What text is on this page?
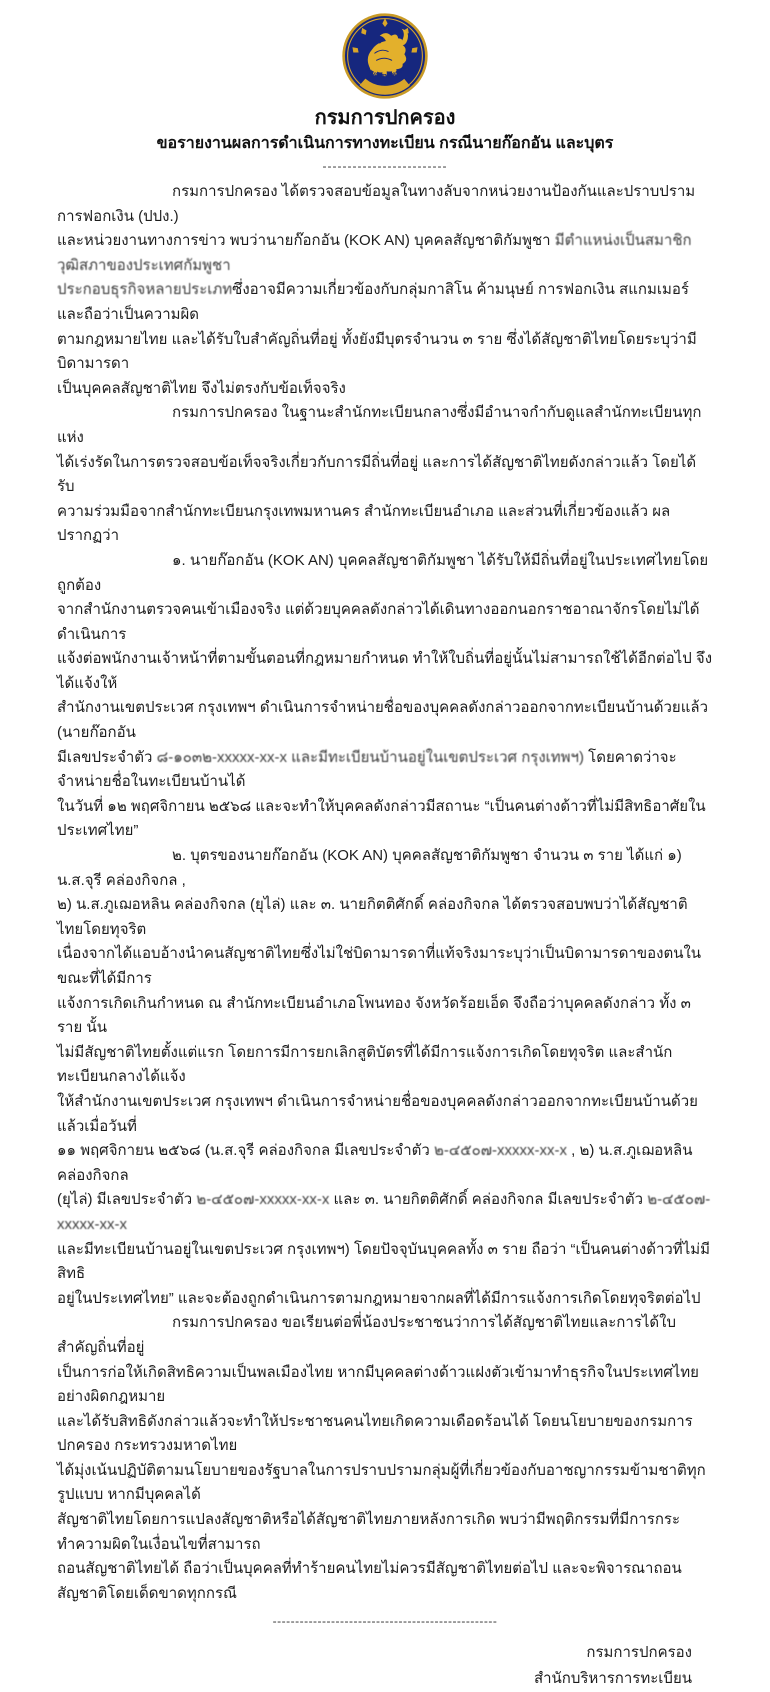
กรมการปกครอง
กรมการปกครอง
ขอรายงานผลการดำเนินการทางทะเบียน กรณีนายก๊อกอัน และบุตร
-------------------------
กรมการปกครอง ได้ตรวจสอบข้อมูลในทางลับจากหน่วยงานป้องกันและปราบปรามการฟอกเงิน (ปปง.)
และหน่วยงานทางการข่าว พบว่านายก๊อกอัน (KOK AN) บุคคลสัญชาติกัมพูชา มีตำแหน่งเป็นสมาชิกวุฒิสภาของประเทศกัมพูชา
ประกอบธุรกิจหลายประเภทซึ่งอาจมีความเกี่ยวข้องกับกลุ่มกาสิโน ค้ามนุษย์ การฟอกเงิน สแกมเมอร์ และถือว่าเป็นความผิด
ตามกฎหมายไทย และได้รับใบสำคัญถิ่นที่อยู่ ทั้งยังมีบุตรจำนวน ๓ ราย ซึ่งได้สัญชาติไทยโดยระบุว่ามีบิดามารดา
เป็นบุคคลสัญชาติไทย จึงไม่ตรงกับข้อเท็จจริง
กรมการปกครอง ในฐานะสำนักทะเบียนกลางซึ่งมีอำนาจกำกับดูแลสำนักทะเบียนทุกแห่ง
ได้เร่งรัดในการตรวจสอบข้อเท็จจริงเกี่ยวกับการมีถิ่นที่อยู่ และการได้สัญชาติไทยดังกล่าวแล้ว โดยได้รับ
ความร่วมมือจากสำนักทะเบียนกรุงเทพมหานคร สำนักทะเบียนอำเภอ และส่วนที่เกี่ยวข้องแล้ว ผลปรากฏว่า
๑. นายก๊อกอัน (KOK AN) บุคคลสัญชาติกัมพูชา ได้รับให้มีถิ่นที่อยู่ในประเทศไทยโดยถูกต้อง
จากสำนักงานตรวจคนเข้าเมืองจริง แต่ด้วยบุคคลดังกล่าวได้เดินทางออกนอกราชอาณาจักรโดยไม่ได้ดำเนินการ
แจ้งต่อพนักงานเจ้าหน้าที่ตามขั้นตอนที่กฎหมายกำหนด ทำให้ใบถิ่นที่อยู่นั้นไม่สามารถใช้ได้อีกต่อไป จึงได้แจ้งให้
สำนักงานเขตประเวศ กรุงเทพฯ ดำเนินการจำหน่ายชื่อของบุคคลดังกล่าวออกจากทะเบียนบ้านด้วยแล้ว (นายก๊อกอัน
มีเลขประจำตัว ๘-๑๐๓๒-xxxxx-xx-x และมีทะเบียนบ้านอยู่ในเขตประเวศ กรุงเทพฯ) โดยคาดว่าจะจำหน่ายชื่อในทะเบียนบ้านได้
ในวันที่ ๑๒ พฤศจิกายน ๒๕๖๘ และจะทำให้บุคคลดังกล่าวมีสถานะ “เป็นคนต่างด้าวที่ไม่มีสิทธิอาศัยในประเทศไทย”
๒. บุตรของนายก๊อกอัน (KOK AN) บุคคลสัญชาติกัมพูชา จำนวน ๓ ราย ได้แก่ ๑) น.ส.จุรี คล่องกิจกล ,
๒) น.ส.ภูเฌอหลิน คล่องกิจกล (ยุไล่) และ ๓. นายกิตติศักดิ์ คล่องกิจกล ได้ตรวจสอบพบว่าได้สัญชาติไทยโดยทุจริต
เนื่องจากได้แอบอ้างนำคนสัญชาติไทยซึ่งไม่ใช่บิดามารดาที่แท้จริงมาระบุว่าเป็นบิดามารดาของตนในขณะที่ได้มีการ
แจ้งการเกิดเกินกำหนด ณ สำนักทะเบียนอำเภอโพนทอง จังหวัดร้อยเอ็ด จึงถือว่าบุคคลดังกล่าว ทั้ง ๓ ราย นั้น
ไม่มีสัญชาติไทยตั้งแต่แรก โดยการมีการยกเลิกสูติบัตรที่ได้มีการแจ้งการเกิดโดยทุจริต และสำนักทะเบียนกลางได้แจ้ง
ให้สำนักงานเขตประเวศ กรุงเทพฯ ดำเนินการจำหน่ายชื่อของบุคคลดังกล่าวออกจากทะเบียนบ้านด้วยแล้วเมื่อวันที่
๑๑ พฤศจิกายน ๒๕๖๘ (น.ส.จุรี คล่องกิจกล มีเลขประจำตัว ๒-๔๕๐๗-xxxxx-xx-x , ๒) น.ส.ภูเฌอหลิน คล่องกิจกล
(ยุไล่) มีเลขประจำตัว ๒-๔๕๐๗-xxxxx-xx-x และ ๓. นายกิตติศักดิ์ คล่องกิจกล มีเลขประจำตัว ๒-๔๕๐๗-xxxxx-xx-x
และมีทะเบียนบ้านอยู่ในเขตประเวศ กรุงเทพฯ) โดยปัจจุบันบุคคลทั้ง ๓ ราย ถือว่า “เป็นคนต่างด้าวที่ไม่มีสิทธิ
อยู่ในประเทศไทย” และจะต้องถูกดำเนินการตามกฎหมายจากผลที่ได้มีการแจ้งการเกิดโดยทุจริตต่อไป
กรมการปกครอง ขอเรียนต่อพี่น้องประชาชนว่าการได้สัญชาติไทยและการได้ใบสำคัญถิ่นที่อยู่
เป็นการก่อให้เกิดสิทธิความเป็นพลเมืองไทย หากมีบุคคลต่างด้าวแฝงตัวเข้ามาทำธุรกิจในประเทศไทยอย่างผิดกฎหมาย
และได้รับสิทธิดังกล่าวแล้วจะทำให้ประชาชนคนไทยเกิดความเดือดร้อนได้ โดยนโยบายของกรมการปกครอง กระทรวงมหาดไทย
ได้มุ่งเน้นปฏิบัติตามนโยบายของรัฐบาลในการปราบปรามกลุ่มผู้ที่เกี่ยวข้องกับอาชญากรรมข้ามชาติทุกรูปแบบ หากมีบุคคลได้
สัญชาติไทยโดยการแปลงสัญชาติหรือได้สัญชาติไทยภายหลังการเกิด พบว่ามีพฤติกรรมที่มีการกระทำความผิดในเงื่อนไขที่สามารถ
ถอนสัญชาติไทยได้ ถือว่าเป็นบุคคลที่ทำร้ายคนไทยไม่ควรมีสัญชาติไทยต่อไป และจะพิจารณาถอนสัญชาติโดยเด็ดขาดทุกกรณี
--------------------------------------------------
กรมการปกครอง
สำนักบริหารการทะเบียน
